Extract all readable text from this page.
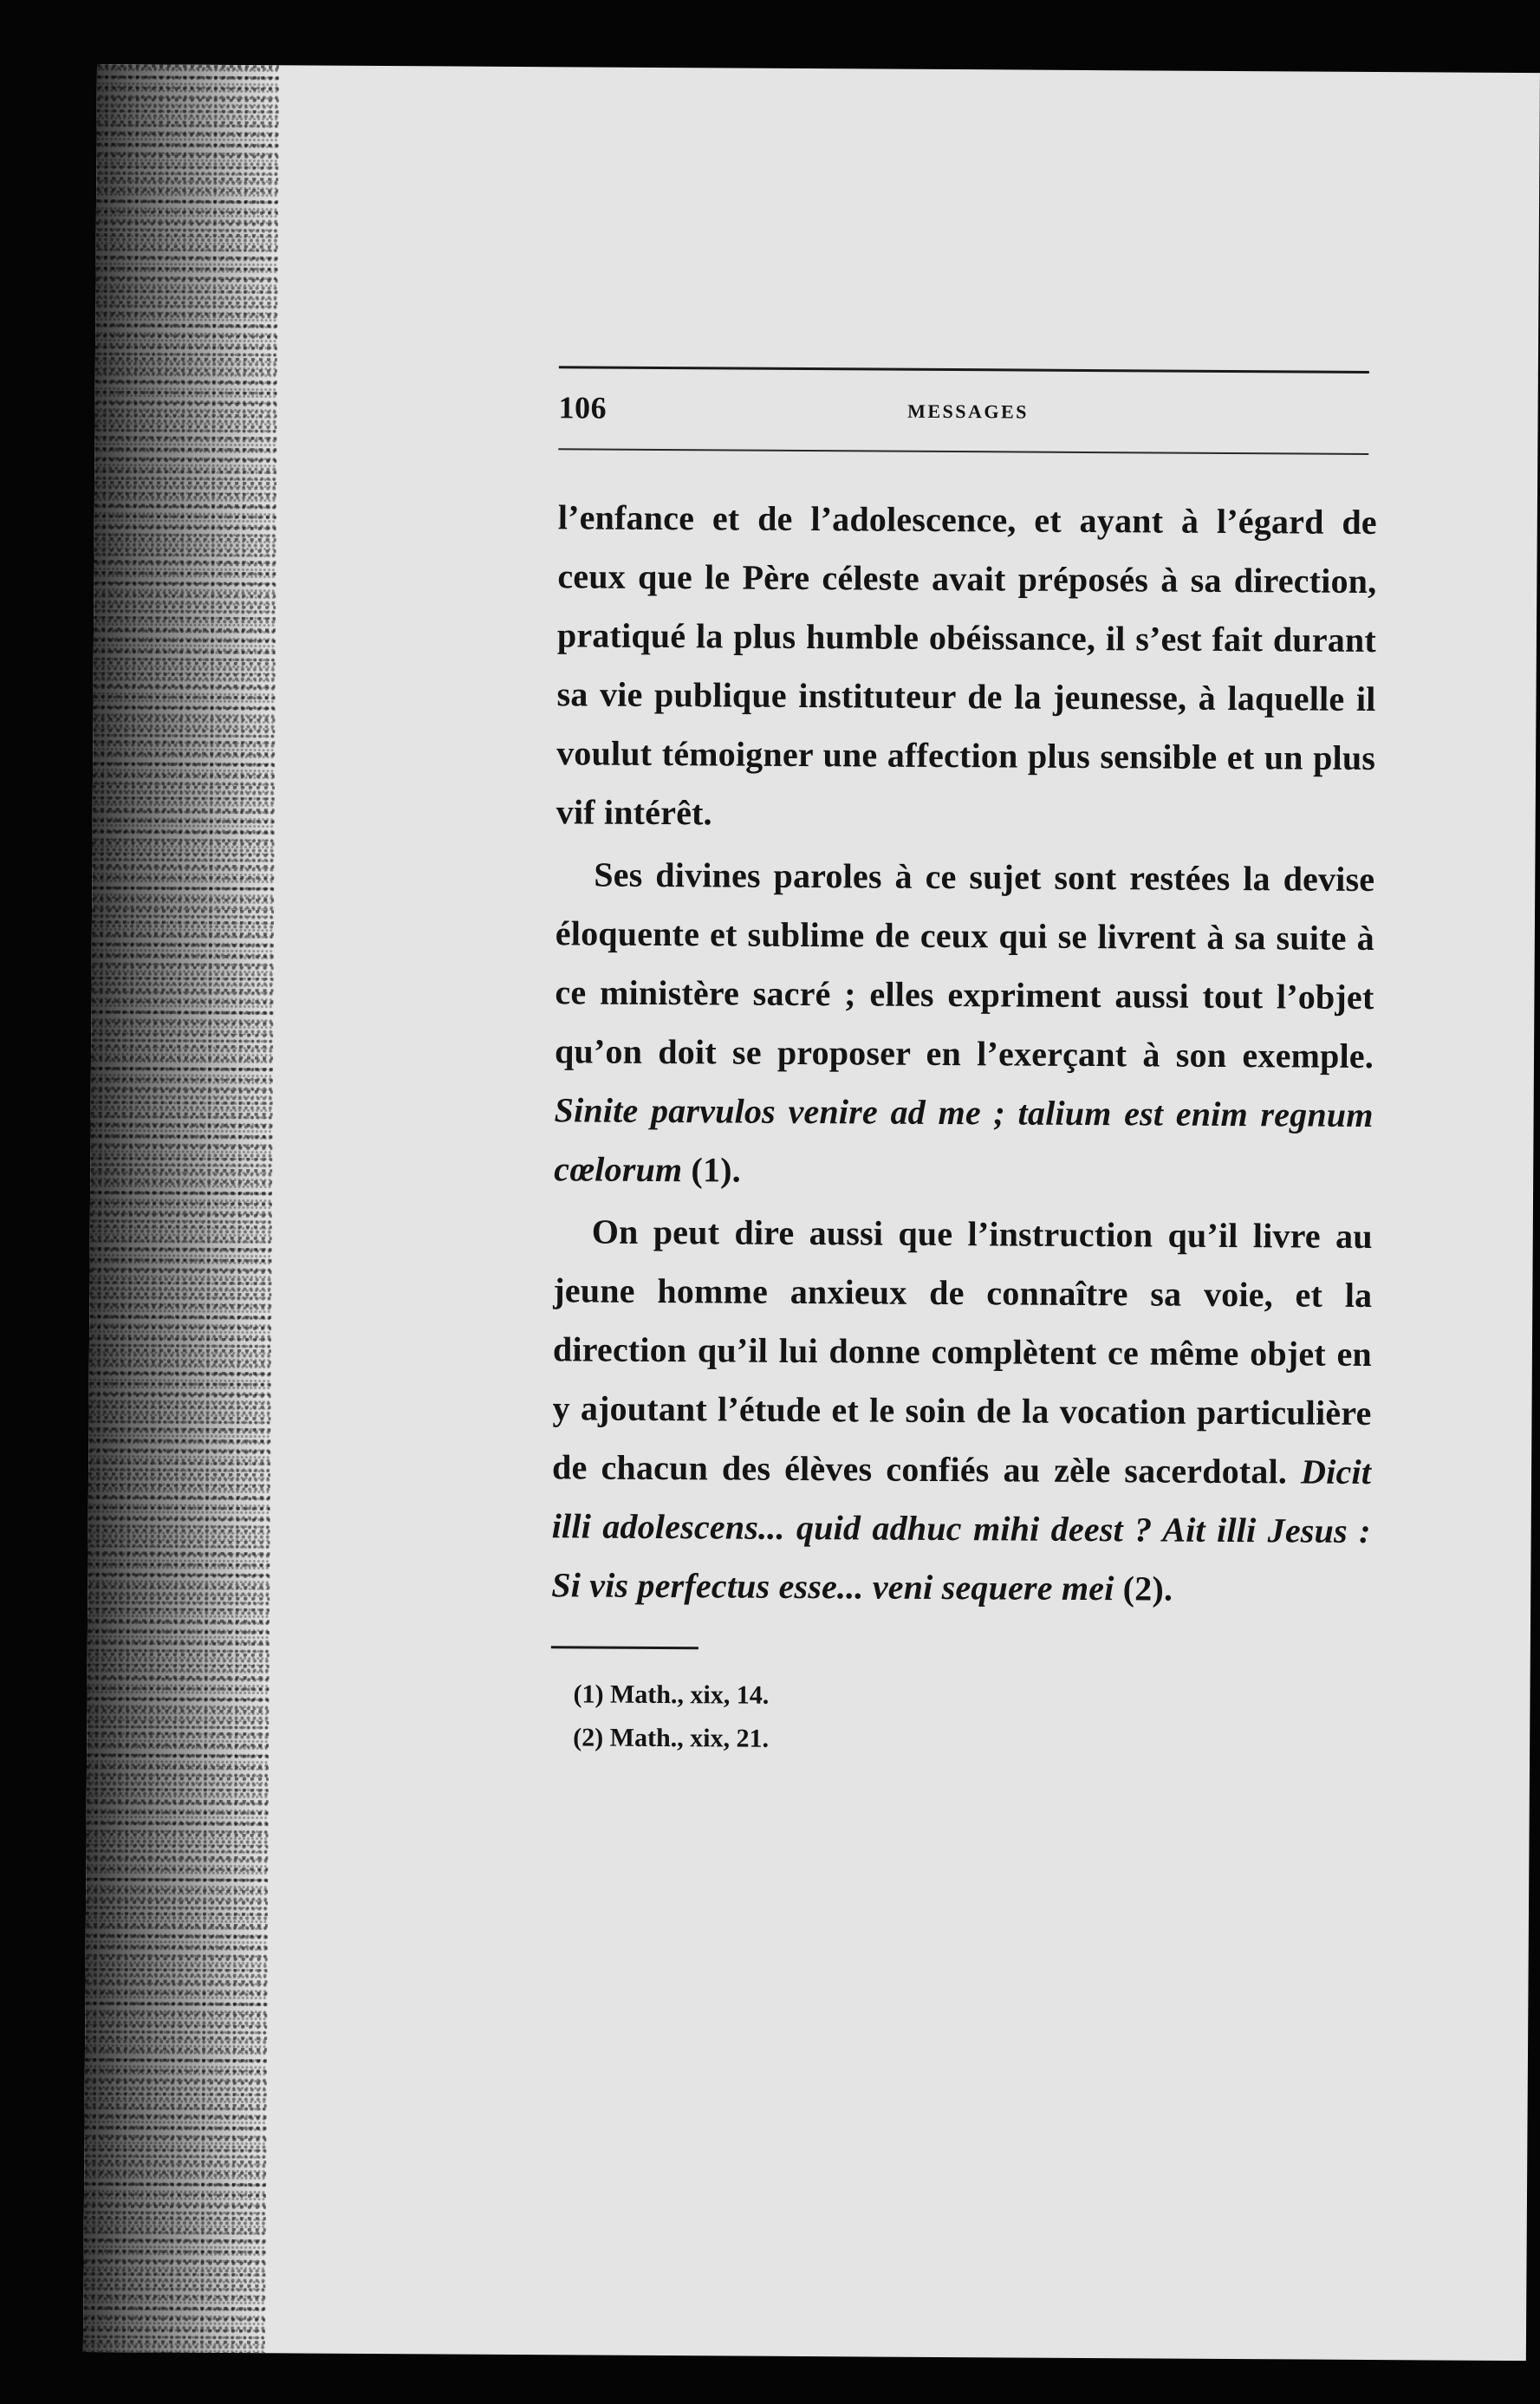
106	MESSAGES

l’enfance et de l’adolescence, et ayant à l’égard de ceux que le Père céleste avait préposés à sa direction, pratiqué la plus humble obéissance, il s’est fait durant sa vie publique instituteur de la jeunesse, à laquelle il voulut témoigner une affection plus sensible et un plus vif intérêt.

Ses divines paroles à ce sujet sont restées la devise éloquente et sublime de ceux qui se livrent à sa suite à ce ministère sacré ; elles expriment aussi tout l’objet qu’on doit se proposer en l’exerçant à son exemple. Sinite parvulos venire ad me ; talium est enim regnum cœlorum (1).

On peut dire aussi que l’instruction qu’il livre au jeune homme anxieux de connaître sa voie, et la direction qu’il lui donne complètent ce même objet en y ajoutant l’étude et le soin de la vocation particulière de chacun des élèves confiés au zèle sacerdotal. Dicit illi adolescens... quid adhuc mihi deest ? Ait illi Jesus : Si vis perfectus esse... veni sequere mei (2).

(1) Math., xix, 14.
(2) Math., xix, 21.
